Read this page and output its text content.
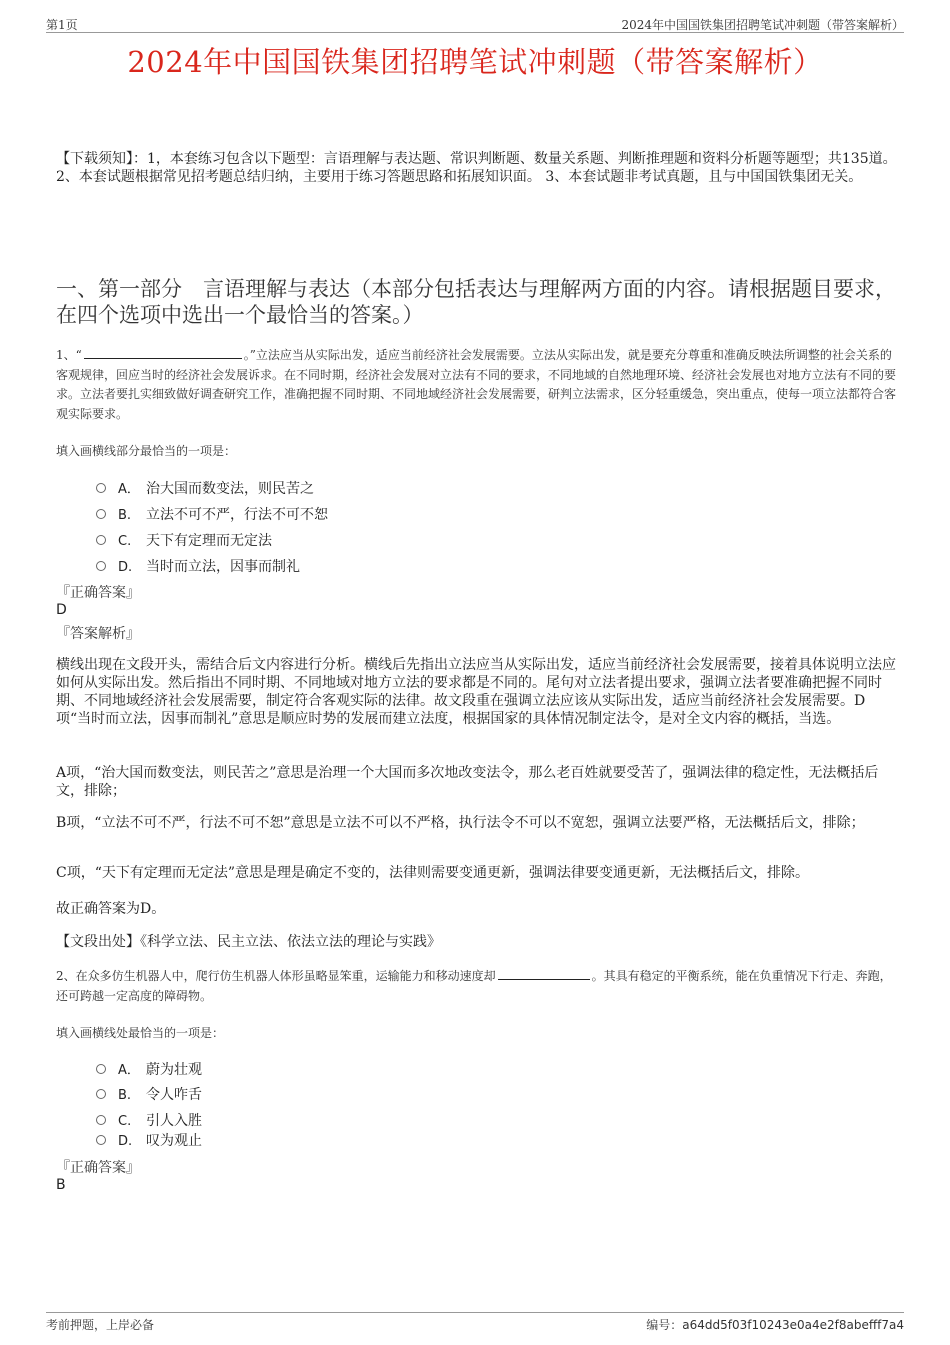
第1页	2024年中国国铁集团招聘笔试冲刺题（带答案解析）
2024年中国国铁集团招聘笔试冲刺题（带答案解析）
【下载须知】：1，本套练习包含以下题型：言语理解与表达题、常识判断题、数量关系题、判断推理题和资料分析题等题型；共135道。 2、本套试题根据常见招考题总结归纳，主要用于练习答题思路和拓展知识面。 3、本套试题非考试真题，且与中国国铁集团无关。
一、第一部分　言语理解与表达（本部分包括表达与理解两方面的内容。请根据题目要求，在四个选项中选出一个最恰当的答案。）
1、“	。”立法应当从实际出发，适应当前经济社会发展需要。立法从实际出发，就是要充分尊重和准确反映法所调整的社会关系的客观规律，回应当时的经济社会发展诉求。在不同时期，经济社会发展对立法有不同的要求，不同地域的自然地理环境、经济社会发展也对地方立法有不同的要求。立法者要扎实细致做好调查研究工作，准确把握不同时期、不同地域经济社会发展需要，研判立法需求，区分轻重缓急，突出重点，使每一项立法都符合客观实际要求。
填入画横线部分最恰当的一项是：
A． 治大国而数变法，则民苦之
B. 立法不可不严，行法不可不恕
C. 天下有定理而无定法
D. 当时而立法，因事而制礼
『正确答案』
D
『答案解析』
横线出现在文段开头，需结合后文内容进行分析。横线后先指出立法应当从实际出发，适应当前经济社会发展需要，接着具体说明立法应如何从实际出发。然后指出不同时期、不同地域对地方立法的要求都是不同的。尾句对立法者提出要求，强调立法者要准确把握不同时期、不同地域经济社会发展需要，制定符合客观实际的法律。故文段重在强调立法应该从实际出发，适应当前经济社会发展需要。D项“当时而立法，因事而制礼”意思是顺应时势的发展而建立法度，根据国家的具体情况制定法令，是对全文内容的概括，当选。
A项，“治大国而数变法，则民苦之”意思是治理一个大国而多次地改变法令，那么老百姓就要受苦了，强调法律的稳定性，无法概括后文，排除；
B项，“立法不可不严，行法不可不恕”意思是立法不可以不严格，执行法令不可以不宽恕，强调立法要严格，无法概括后文，排除；
C项，“天下有定理而无定法”意思是理是确定不变的，法律则需要变通更新，强调法律要变通更新，无法概括后文，排除。
故正确答案为D。
【文段出处】《科学立法、民主立法、依法立法的理论与实践》
2、在众多仿生机器人中，爬行仿生机器人体形虽略显笨重，运输能力和移动速度却	。其具有稳定的平衡系统，能在负重情况下行走、奔跑，还可跨越一定高度的障碍物。
填入画横线处最恰当的一项是：
A． 蔚为壮观
B. 令人咋舌
C. 引人入胜
D. 叹为观止
『正确答案』
B
考前押题，上岸必备	编号：a64dd5f03f10243e0a4e2f8abefff7a4
